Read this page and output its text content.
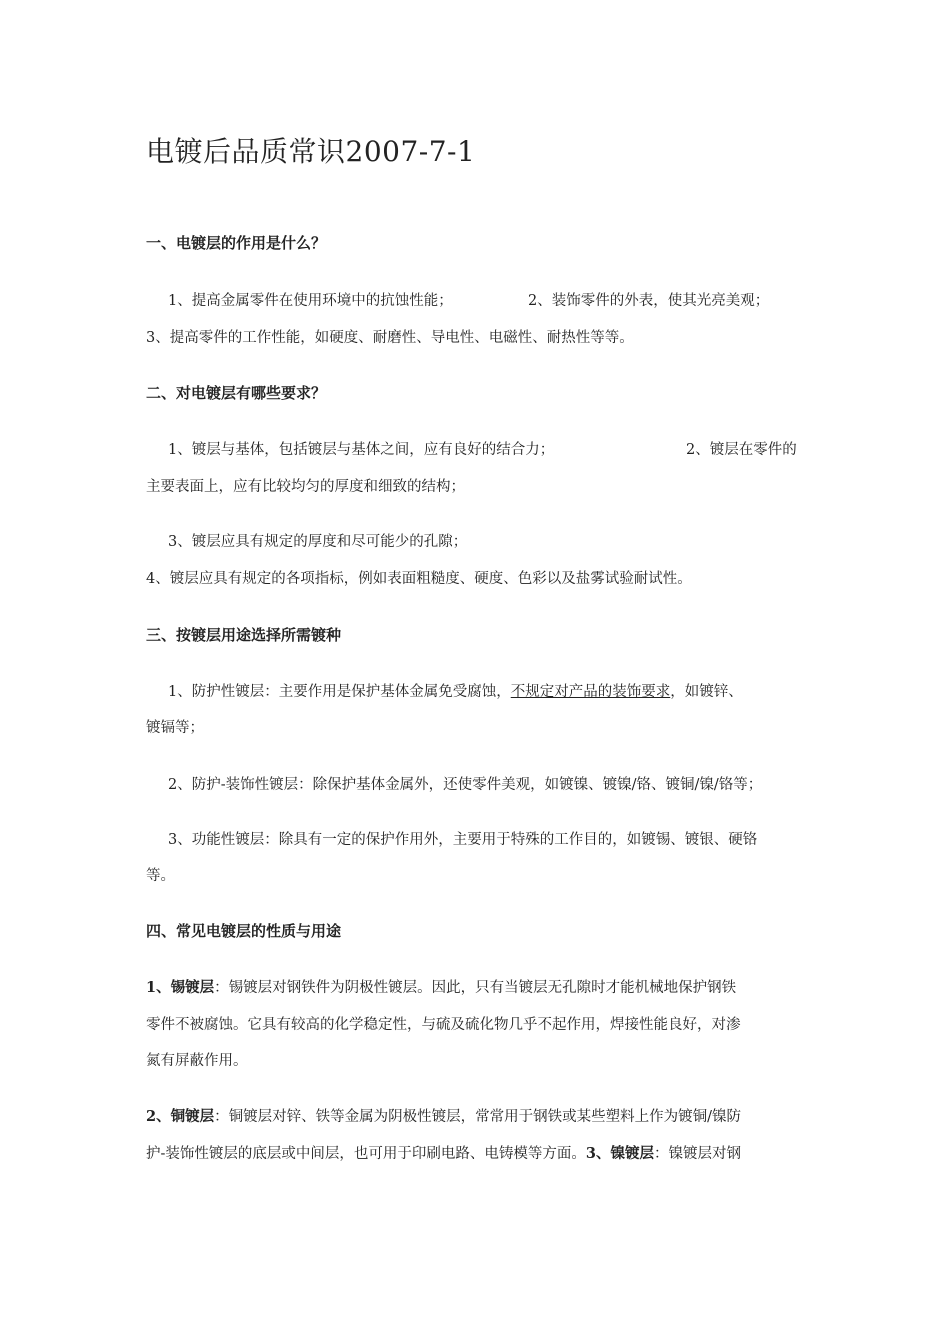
电镀后品质常识2007-7-1
一、电镀层的作用是什么？

1、提高金属零件在使用环境中的抗蚀性能；	2、装饰零件的外表，使其光亮美观；

3、提高零件的工作性能，如硬度、耐磨性、导电性、电磁性、耐热性等等。

二、对电镀层有哪些要求？

1、镀层与基体，包括镀层与基体之间，应有良好的结合力；	2、镀层在零件的

主要表面上，应有比较均匀的厚度和细致的结构；

3、镀层应具有规定的厚度和尽可能少的孔隙；

4、镀层应具有规定的各项指标，例如表面粗糙度、硬度、色彩以及盐雾试验耐试性。

三、按镀层用途选择所需镀种

1、防护性镀层：主要作用是保护基体金属免受腐蚀，不规定对产品的装饰要求，如镀锌、

镀镉等；

2、防护-装饰性镀层：除保护基体金属外，还使零件美观，如镀镍、镀镍/铬、镀铜/镍/铬等；

3、功能性镀层：除具有一定的保护作用外，主要用于特殊的工作目的，如镀锡、镀银、硬铬

等。

四、常见电镀层的性质与用途

1、锡镀层：锡镀层对钢铁件为阴极性镀层。因此，只有当镀层无孔隙时才能机械地保护钢铁

零件不被腐蚀。它具有较高的化学稳定性，与硫及硫化物几乎不起作用，焊接性能良好，对渗

氮有屏蔽作用。

2、铜镀层：铜镀层对锌、铁等金属为阴极性镀层，常常用于钢铁或某些塑料上作为镀铜/镍防

护-装饰性镀层的底层或中间层，也可用于印刷电路、电铸模等方面。3、镍镀层：镍镀层对钢
